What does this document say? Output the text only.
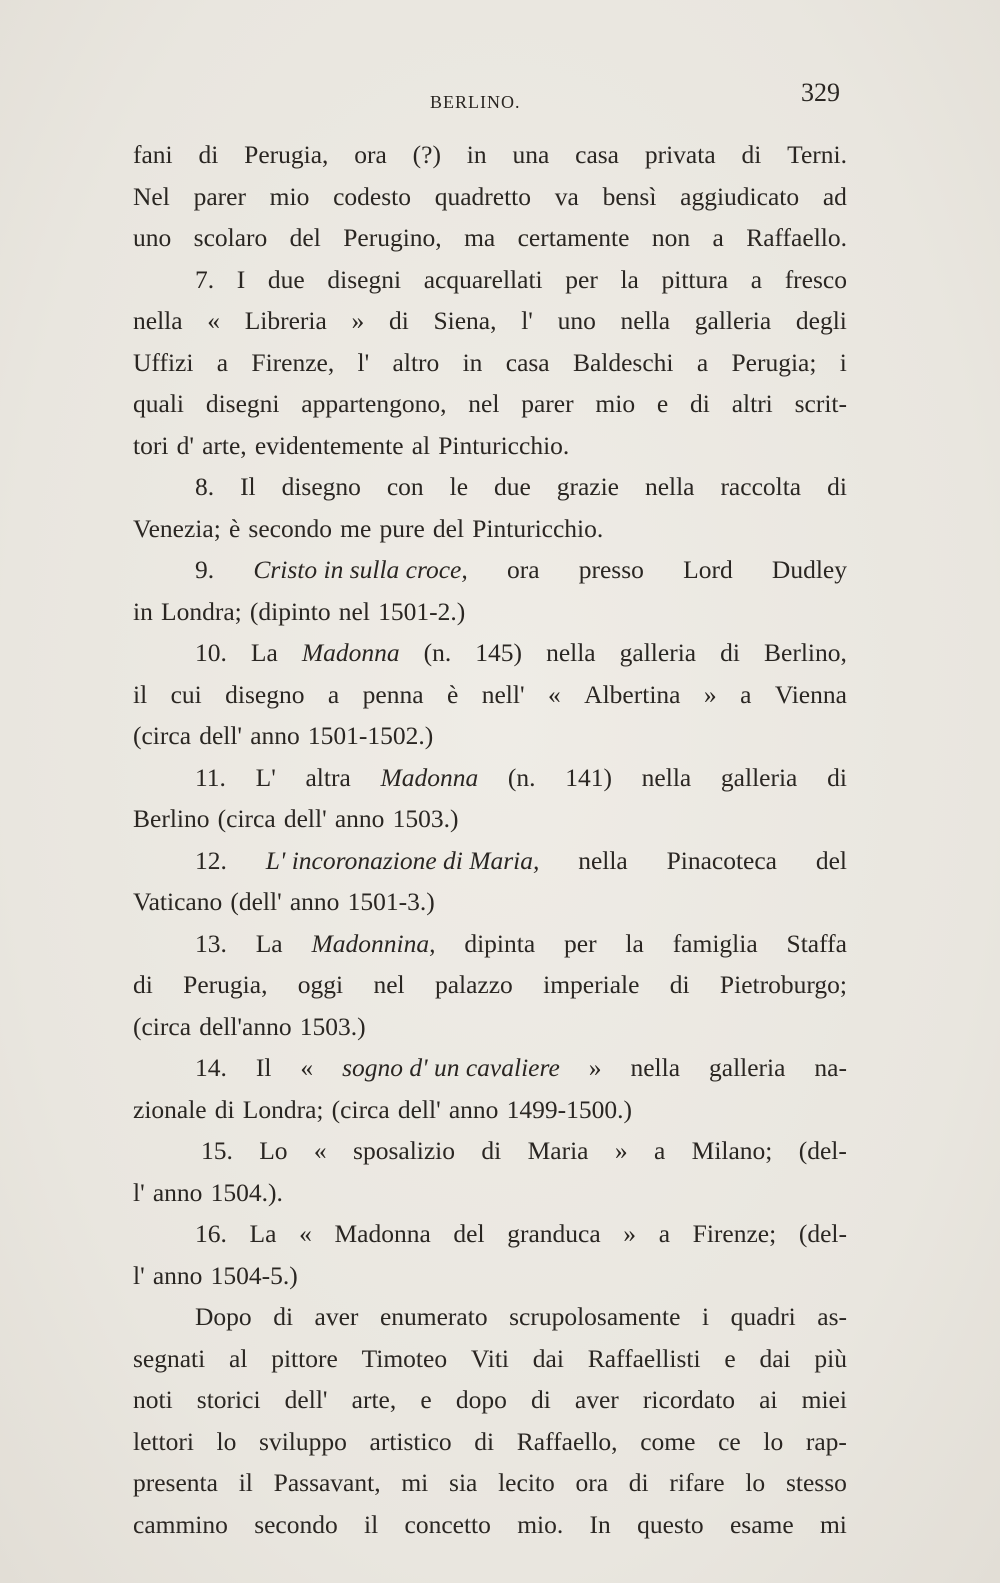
BERLINO.	329
fani di Perugia, ora (?) in una casa privata di Terni.
Nel parer mio codesto quadretto va bensì aggiudicato ad
uno scolaro del Perugino, ma certamente non a Raffaello.
7. I due disegni acquarellati per la pittura a fresco
nella « Libreria » di Siena, l' uno nella galleria degli
Uffizi a Firenze, l' altro in casa Baldeschi a Perugia; i
quali disegni appartengono, nel parer mio e di altri scrit-
tori d' arte, evidentemente al Pinturicchio.
8. Il disegno con le due grazie nella raccolta di
Venezia; è secondo me pure del Pinturicchio.
9. Cristo in sulla croce, ora presso Lord Dudley
in Londra; (dipinto nel 1501-2.)
10. La Madonna (n. 145) nella galleria di Berlino,
il cui disegno a penna è nell' « Albertina » a Vienna
(circa dell' anno 1501-1502.)
11. L' altra Madonna (n. 141) nella galleria di
Berlino (circa dell' anno 1503.)
12. L' incoronazione di Maria, nella Pinacoteca del
Vaticano (dell' anno 1501-3.)
13. La Madonnina, dipinta per la famiglia Staffa
di Perugia, oggi nel palazzo imperiale di Pietroburgo;
(circa dell'anno 1503.)
14. Il « sogno d' un cavaliere » nella galleria na-
zionale di Londra; (circa dell' anno 1499-1500.)
15. Lo « sposalizio di Maria » a Milano; (del-
l' anno 1504.).
16. La « Madonna del granduca » a Firenze; (del-
l' anno 1504-5.)
Dopo di aver enumerato scrupolosamente i quadri as-
segnati al pittore Timoteo Viti dai Raffaellisti e dai più
noti storici dell' arte, e dopo di aver ricordato ai miei
lettori lo sviluppo artistico di Raffaello, come ce lo rap-
presenta il Passavant, mi sia lecito ora di rifare lo stesso
cammino secondo il concetto mio. In questo esame mi
